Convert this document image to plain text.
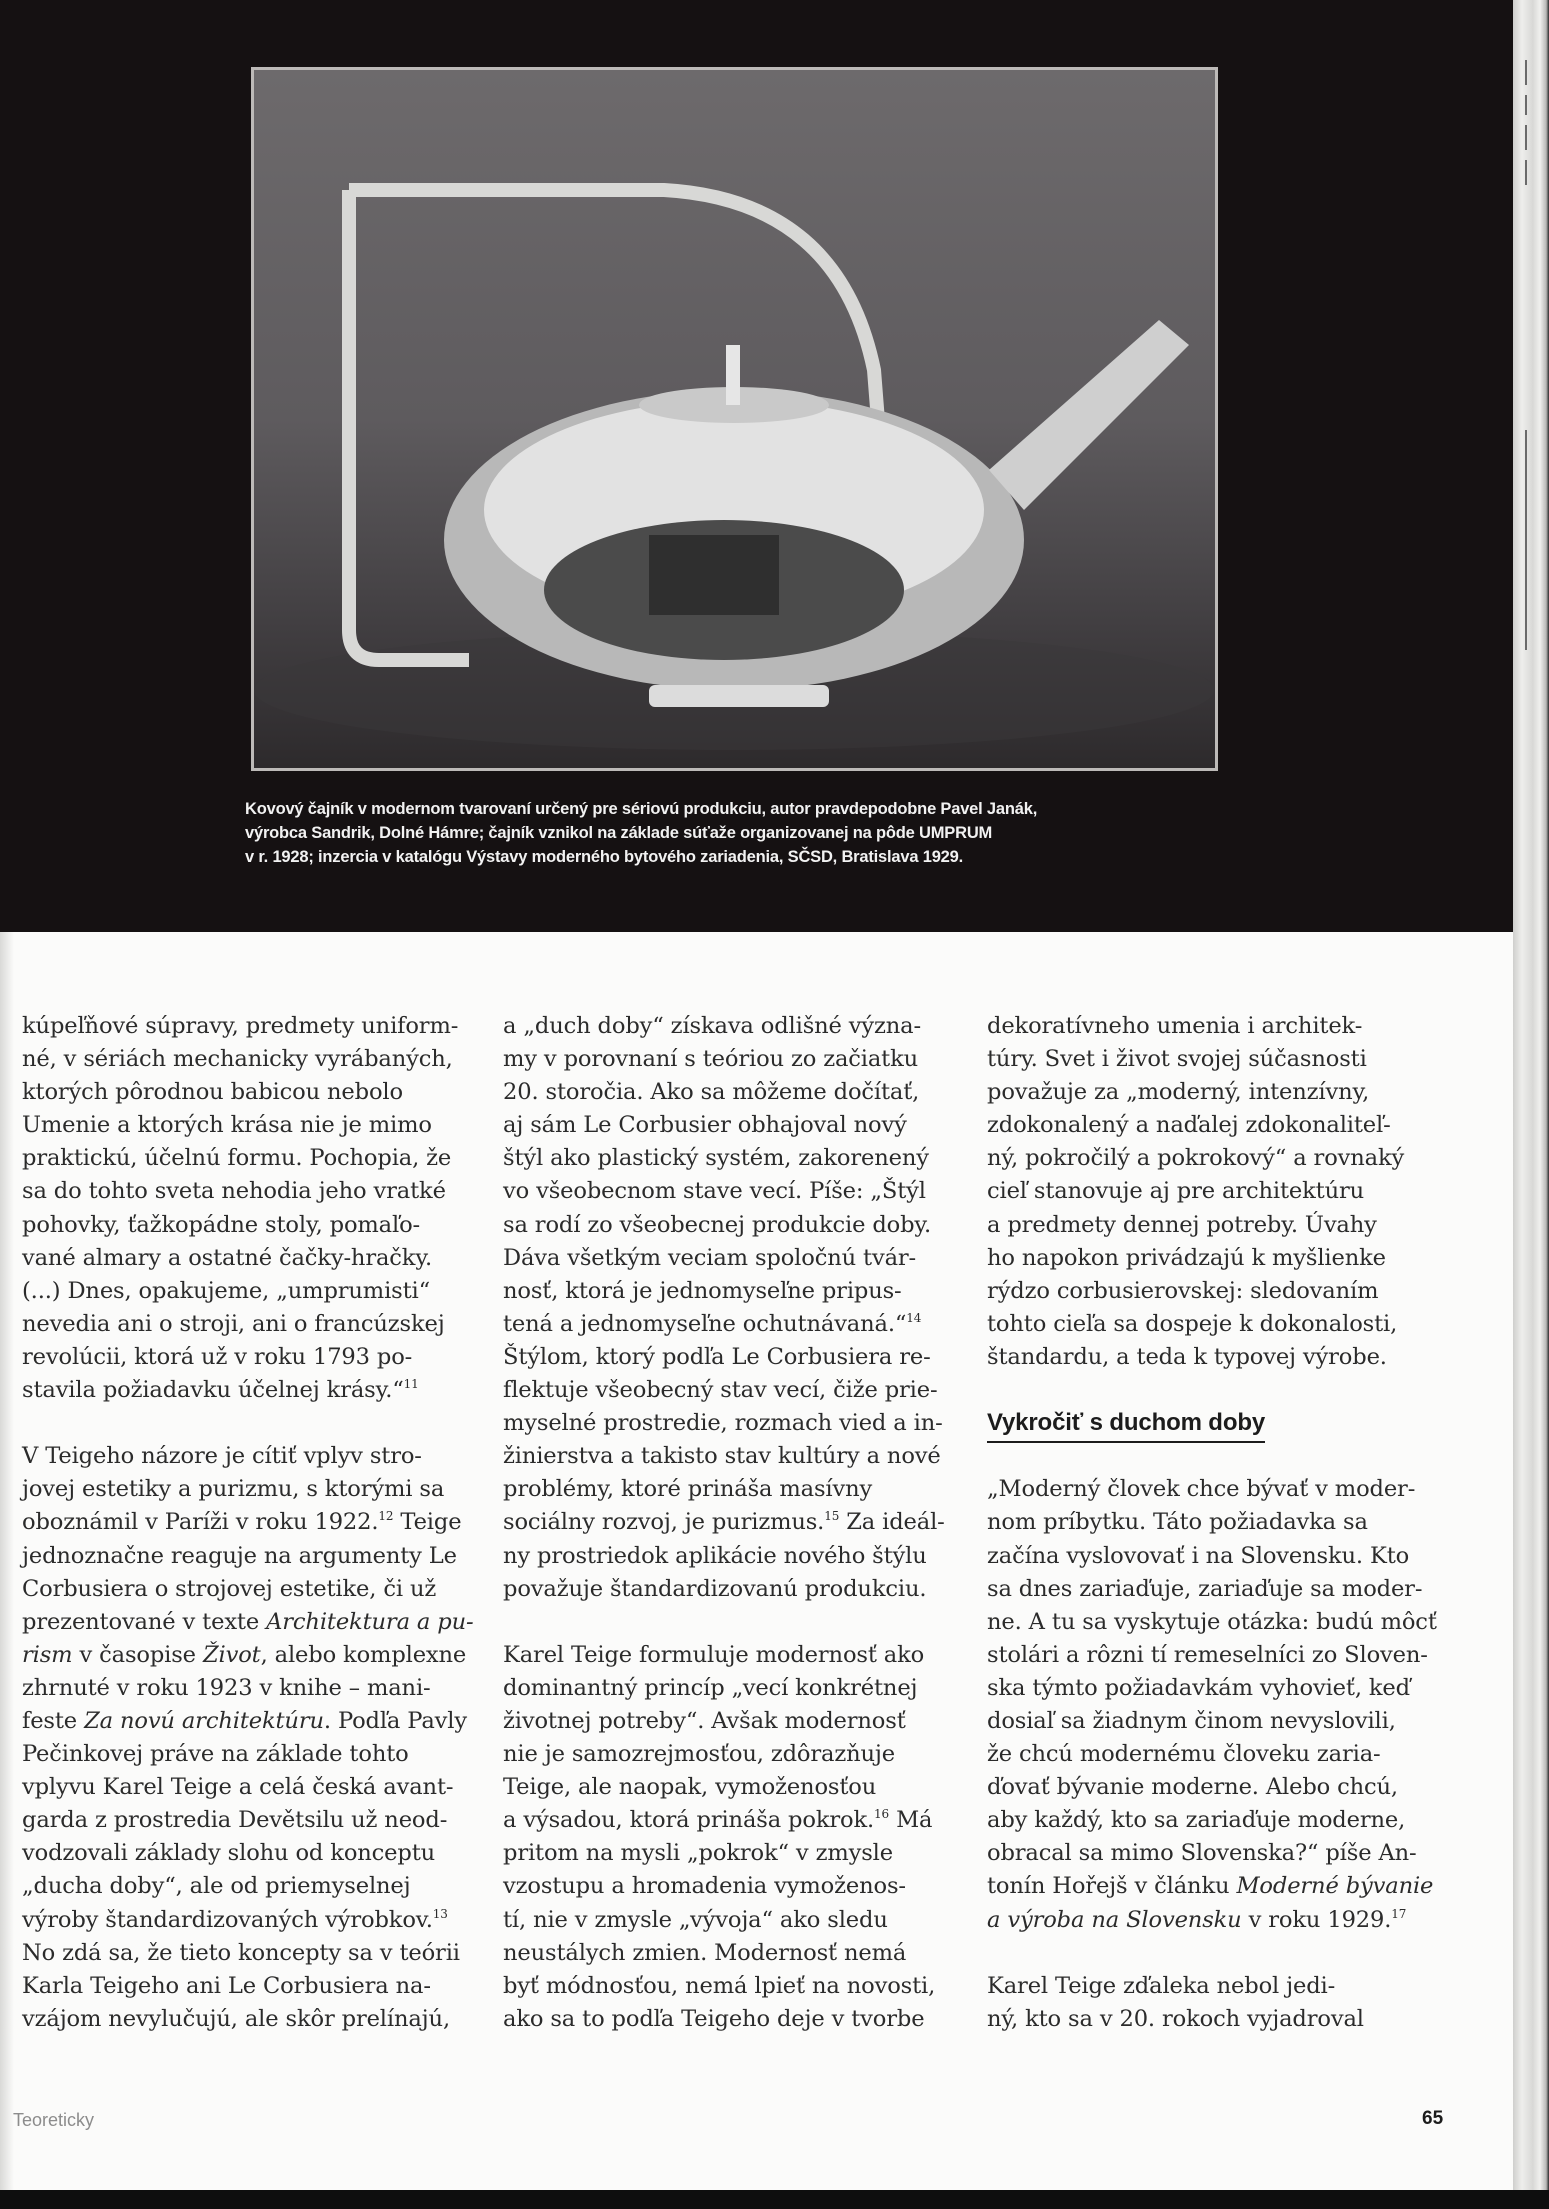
Kovový čajník v modernom tvarovaní určený pre sériovú produkciu, autor pravdepodobne Pavel Janák,
výrobca Sandrik, Dolné Hámre; čajník vznikol na základe súťaže organizovanej na pôde UMPRUM
v r. 1928; inzercia v katalógu Výstavy moderného bytového zariadenia, SČSD, Bratislava 1929.
kúpeľňové súpravy, predmety uniform-
né, v sériách mechanicky vyrábaných,
ktorých pôrodnou babicou nebolo
Umenie a ktorých krása nie je mimo
praktickú, účelnú formu. Pochopia, že
sa do tohto sveta nehodia jeho vratké
pohovky, ťažkopádne stoly, pomaľo-
vané almary a ostatné čačky-hračky.
(...) Dnes, opakujeme, „umprumisti“
nevedia ani o stroji, ani o francúzskej
revolúcii, ktorá už v roku 1793 po-
stavila požiadavku účelnej krásy.“$^{11}$
V Teigeho názore je cítiť vplyv stro-
jovej estetiky a purizmu, s ktorými sa
oboznámil v Paríži v roku 1922.12 Teige
jednoznačne reaguje na argumenty Le
Corbusiera o strojovej estetike, či už
prezentované v texte Architektura a pu-
rism v časopise Život, alebo komplexne
zhrnuté v roku 1923 v knihe – mani-
feste Za novú architektúru. Podľa Pavly
Pečinkovej práve na základe tohto
vplyvu Karel Teige a celá česká avant-
garda z prostredia Devětsilu už neod-
vodzovali základy slohu od konceptu
„ducha doby“, ale od priemyselnej
výroby štandardizovaných výrobkov.$^{13}$
No zdá sa, že tieto koncepty sa v teórii
Karla Teigeho ani Le Corbusiera na-
vzájom nevylučujú, ale skôr prelínajú,
a „duch doby“ získava odlišné význa-
my v porovnaní s teóriou zo začiatku
20. storočia. Ako sa môžeme dočítať,
aj sám Le Corbusier obhajoval nový
štýl ako plastický systém, zakorenený
vo všeobecnom stave vecí. Píše: „Štýl
sa rodí zo všeobecnej produkcie doby.
Dáva všetkým veciam spoločnú tvár-
nosť, ktorá je jednomyseľne pripus-
tená a jednomyseľne ochutnávaná.“$^{14}$
Štýlom, ktorý podľa Le Corbusiera re-
flektuje všeobecný stav vecí, čiže prie-
myselné prostredie, rozmach vied a in-
žinierstva a takisto stav kultúry a nové
problémy, ktoré prináša masívny
sociálny rozvoj, je purizmus.$^{15}$ Za ideál-
ny prostriedok aplikácie nového štýlu
považuje štandardizovanú produkciu.
Karel Teige formuluje modernosť ako
dominantný princíp „vecí konkrétnej
životnej potreby“. Avšak modernosť
nie je samozrejmosťou, zdôrazňuje
Teige, ale naopak, vymoženosťou
a výsadou, ktorá prináša pokrok.$^{16}$ Má
pritom na mysli „pokrok“ v zmysle
vzostupu a hromadenia vymoženos-
tí, nie v zmysle „vývoja“ ako sledu
neustálych zmien. Modernosť nemá
byť módnosťou, nemá lpieť na novosti,
ako sa to podľa Teigeho deje v tvorbe
dekoratívneho umenia i architek-
túry. Svet i život svojej súčasnosti
považuje za „moderný, intenzívny,
zdokonalený a naďalej zdokonaliteľ-
ný, pokročilý a pokrokový“ a rovnaký
cieľ stanovuje aj pre architektúru
a predmety dennej potreby. Úvahy
ho napokon privádzajú k myšlienke
rýdzo corbusierovskej: sledovaním
tohto cieľa sa dospeje k dokonalosti,
štandardu, a teda k typovej výrobe.
Vykročiť s duchom doby
„Moderný človek chce bývať v moder-
nom príbytku. Táto požiadavka sa
začína vyslovovať i na Slovensku. Kto
sa dnes zariaďuje, zariaďuje sa moder-
ne. A tu sa vyskytuje otázka: budú môcť
stolári a rôzni tí remeselníci zo Sloven-
ska týmto požiadavkám vyhovieť, keď
dosiaľ sa žiadnym činom nevyslovili,
že chcú modernému človeku zaria-
ďovať bývanie moderne. Alebo chcú,
aby každý, kto sa zariaďuje moderne,
obracal sa mimo Slovenska?“ píše An-
tonín Hořejš v článku Moderné bývanie
a výroba na Slovensku v roku 1929.17
Karel Teige zďaleka nebol jedi-
ný, kto sa v 20. rokoch vyjadroval
Teoreticky	65
